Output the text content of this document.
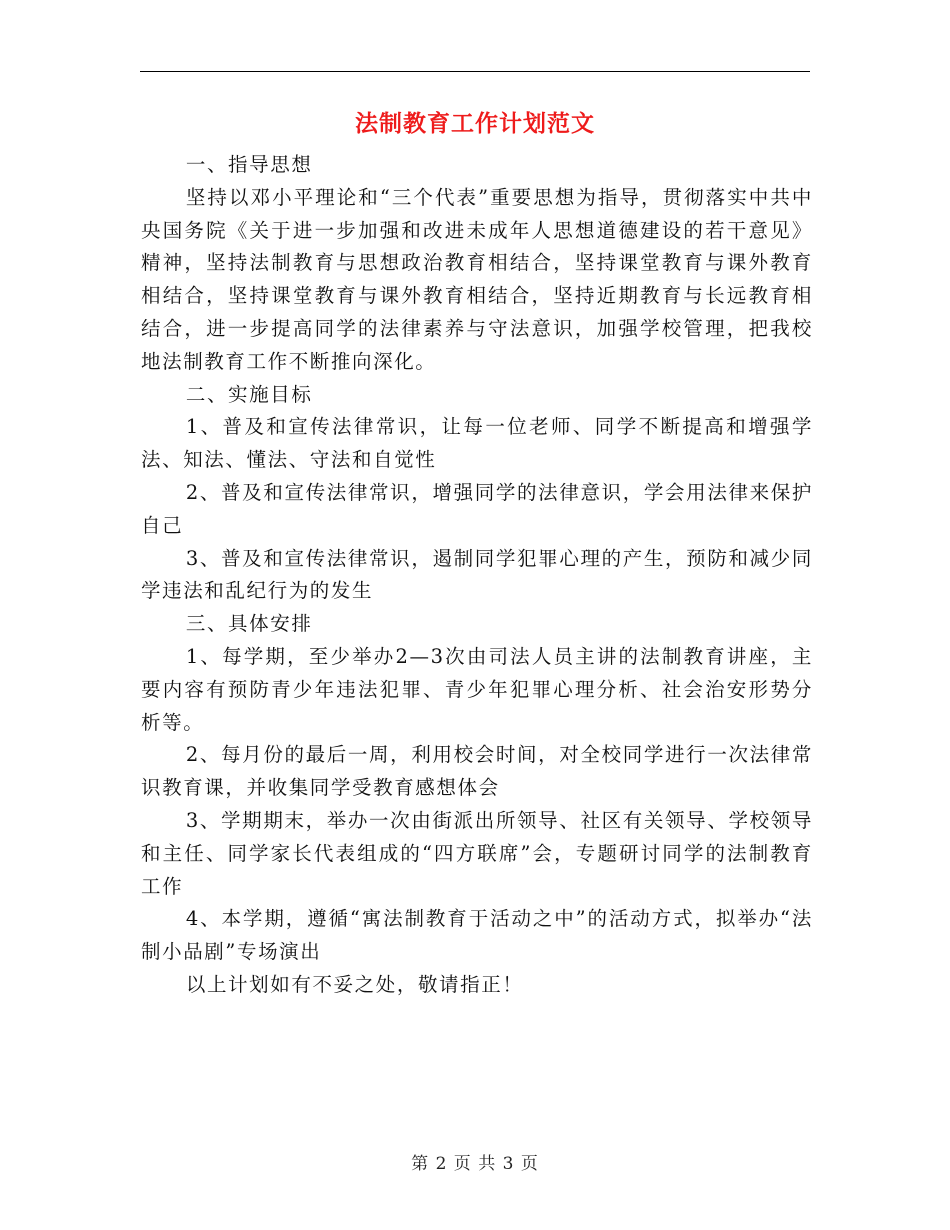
法制教育工作计划范文

一、指导思想

坚持以邓小平理论和“三个代表”重要思想为指导，贯彻落实中共中央国务院《关于进一步加强和改进未成年人思想道德建设的若干意见》精神，坚持法制教育与思想政治教育相结合，坚持课堂教育与课外教育相结合，坚持课堂教育与课外教育相结合，坚持近期教育与长远教育相结合，进一步提高同学的法律素养与守法意识，加强学校管理，把我校地法制教育工作不断推向深化。

二、实施目标

1、普及和宣传法律常识，让每一位老师、同学不断提高和增强学法、知法、懂法、守法和自觉性

2、普及和宣传法律常识，增强同学的法律意识，学会用法律来保护自己

3、普及和宣传法律常识，遏制同学犯罪心理的产生，预防和减少同学违法和乱纪行为的发生

三、具体安排

1、每学期，至少举办2—3次由司法人员主讲的法制教育讲座，主要内容有预防青少年违法犯罪、青少年犯罪心理分析、社会治安形势分析等。

2、每月份的最后一周，利用校会时间，对全校同学进行一次法律常识教育课，并收集同学受教育感想体会

3、学期期末，举办一次由街派出所领导、社区有关领导、学校领导和主任、同学家长代表组成的“四方联席”会，专题研讨同学的法制教育工作

4、本学期，遵循“寓法制教育于活动之中”的活动方式，拟举办“法制小品剧”专场演出

以上计划如有不妥之处，敬请指正！

第 2 页 共 3 页
